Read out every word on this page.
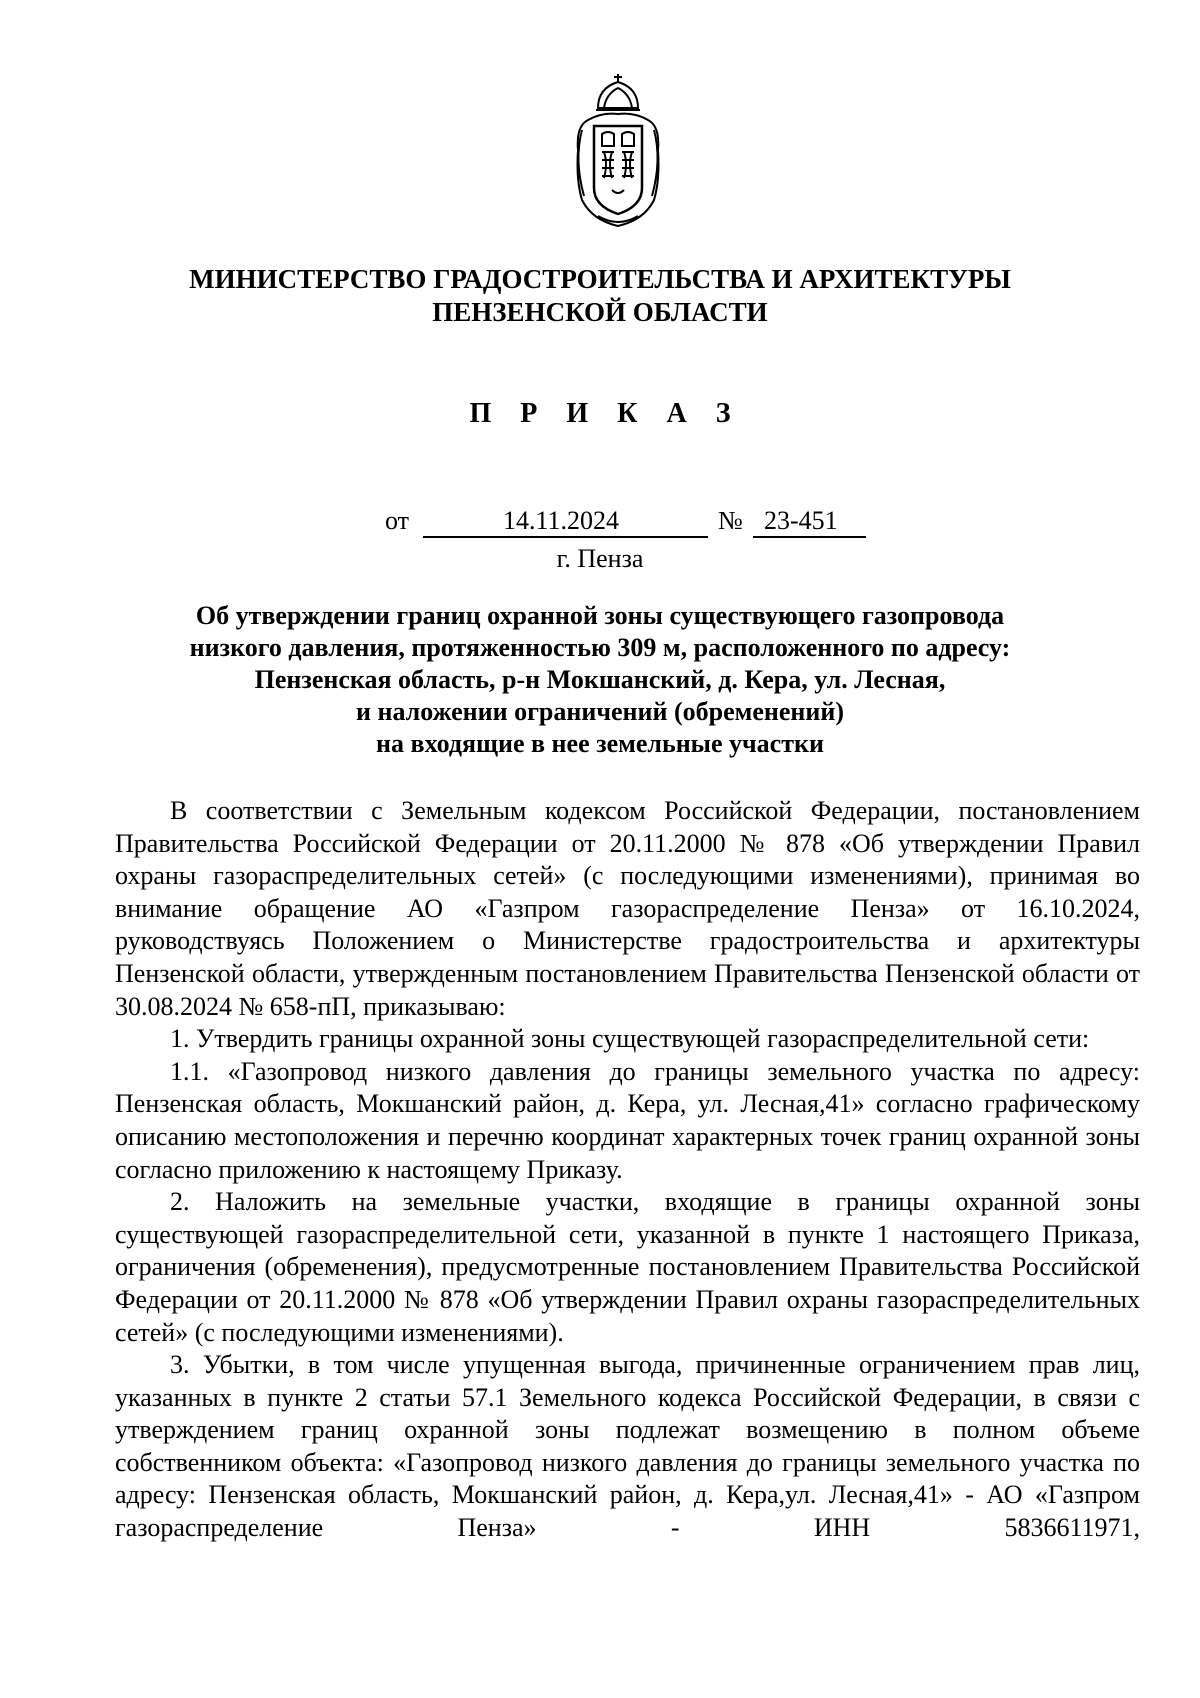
МИНИСТЕРСТВО ГРАДОСТРОИТЕЛЬСТВА И АРХИТЕКТУРЫ
ПЕНЗЕНСКОЙ ОБЛАСТИ
П Р И К А З
от	14.11.2024	№ 23-451
г. Пенза
Об утверждении границ охранной зоны существующего газопровода
низкого давления, протяженностью 309 м, расположенного по адресу:
Пензенская область, р-н Мокшанский, д. Кера, ул. Лесная,
и наложении ограничений (обременений)
на входящие в нее земельные участки

В соответствии с Земельным кодексом Российской Федерации, постановлением Правительства Российской Федерации от 20.11.2000 № 878 «Об утверждении Правил охраны газораспределительных сетей» (с последующими изменениями), принимая во внимание обращение АО «Газпром газораспределение Пенза» от 16.10.2024, руководствуясь Положением о Министерстве градостроительства и архитектуры Пензенской области, утвержденным постановлением Правительства Пензенской области от 30.08.2024 № 658-пП, приказываю:

1. Утвердить границы охранной зоны существующей газораспределительной сети:

1.1. «Газопровод низкого давления до границы земельного участка по адресу: Пензенская область, Мокшанский район, д. Кера, ул. Лесная,41» согласно графическому описанию местоположения и перечню координат характерных точек границ охранной зоны согласно приложению к настоящему Приказу.

2. Наложить на земельные участки, входящие в границы охранной зоны существующей газораспределительной сети, указанной в пункте 1 настоящего Приказа, ограничения (обременения), предусмотренные постановлением Правительства Российской Федерации от 20.11.2000 № 878 «Об утверждении Правил охраны газораспределительных сетей» (с последующими изменениями).

3. Убытки, в том числе упущенная выгода, причиненные ограничением прав лиц, указанных в пункте 2 статьи 57.1 Земельного кодекса Российской Федерации, в связи с утверждением границ охранной зоны подлежат возмещению в полном объеме собственником объекта: «Газопровод низкого давления до границы земельного участка по адресу: Пензенская область, Мокшанский район, д. Кера,ул. Лесная,41» - АО «Газпром газораспределение Пенза» - ИНН 5836611971,
